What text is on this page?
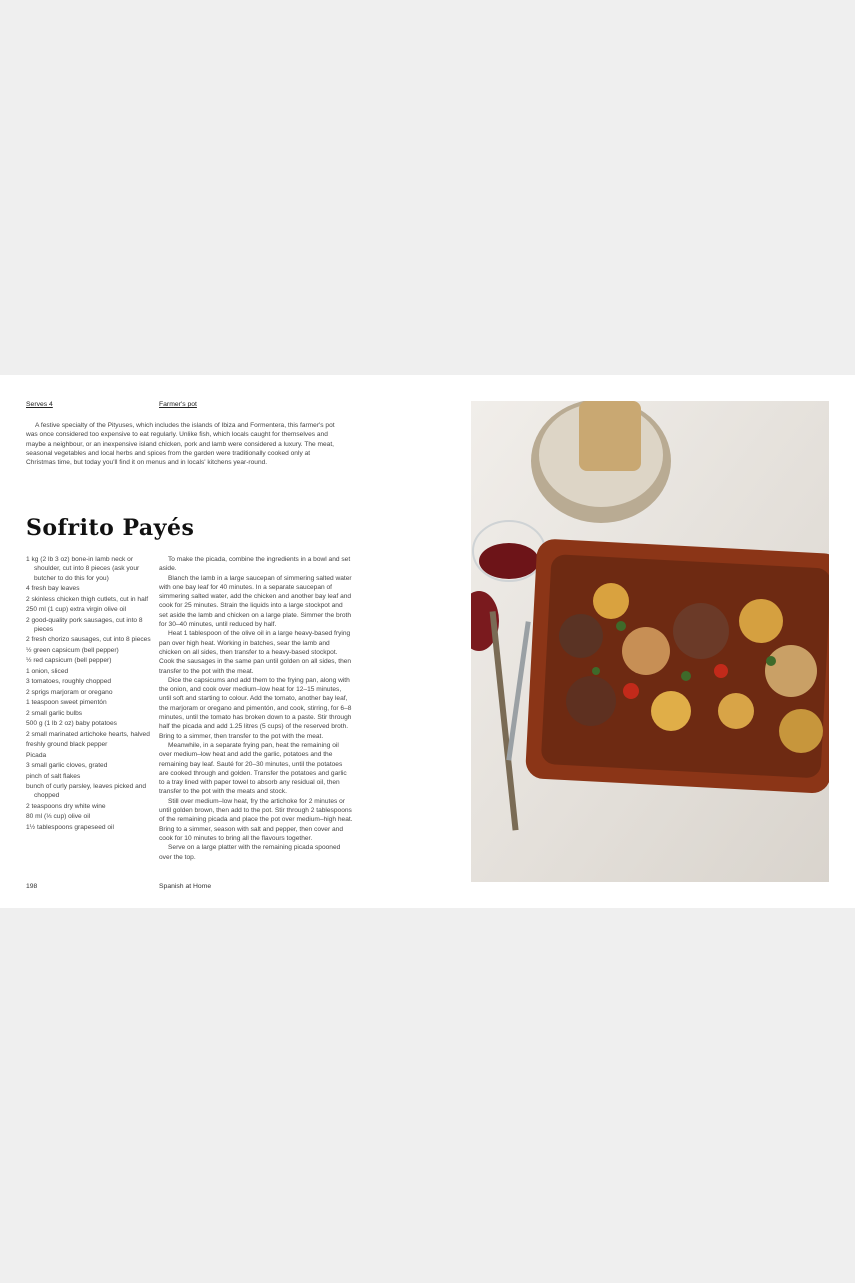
Serves 4	Farmer's pot

A festive specialty of the Pityuses, which includes the islands of Ibiza and Formentera, this farmer's pot was once considered too expensive to eat regularly. Unlike fish, which locals caught for themselves and maybe a neighbour, or an inexpensive island chicken, pork and lamb were considered a luxury. The meat, seasonal vegetables and local herbs and spices from the garden were traditionally cooked only at Christmas time, but today you'll find it on menus and in locals' kitchens year-round.

Sofrito Payés
1 kg (2 lb 3 oz) bone-in lamb neck or shoulder, cut into 8 pieces (ask your butcher to do this for you)
4 fresh bay leaves
2 skinless chicken thigh cutlets, cut in half
250 ml (1 cup) extra virgin olive oil
2 good-quality pork sausages, cut into 8 pieces
2 fresh chorizo sausages, cut into 8 pieces
½ green capsicum (bell pepper)
½ red capsicum (bell pepper)
1 onion, sliced
3 tomatoes, roughly chopped
2 sprigs marjoram or oregano
1 teaspoon sweet pimentón
2 small garlic bulbs
500 g (1 lb 2 oz) baby potatoes
2 small marinated artichoke hearts, halved
freshly ground black pepper
Picada
3 small garlic cloves, grated
pinch of salt flakes
bunch of curly parsley, leaves picked and chopped
2 teaspoons dry white wine
80 ml (⅓ cup) olive oil
1½ tablespoons grapeseed oil

To make the picada, combine the ingredients in a bowl and set aside.

Blanch the lamb in a large saucepan of simmering salted water with one bay leaf for 40 minutes. In a separate saucepan of simmering salted water, add the chicken and another bay leaf and cook for 25 minutes. Strain the liquids into a large stockpot and set aside the lamb and chicken on a large plate. Simmer the broth for 30–40 minutes, until reduced by half.

Heat 1 tablespoon of the olive oil in a large heavy-based frying pan over high heat. Working in batches, sear the lamb and chicken on all sides, then transfer to a heavy-based stockpot. Cook the sausages in the same pan until golden on all sides, then transfer to the pot with the meat.

Dice the capsicums and add them to the frying pan, along with the onion, and cook over medium–low heat for 12–15 minutes, until soft and starting to colour. Add the tomato, another bay leaf, the marjoram or oregano and pimentón, and cook, stirring, for 6–8 minutes, until the tomato has broken down to a paste. Stir through half the picada and add 1.25 litres (5 cups) of the reserved broth. Bring to a simmer, then transfer to the pot with the meat.

Meanwhile, in a separate frying pan, heat the remaining oil over medium–low heat and add the garlic, potatoes and the remaining bay leaf. Sauté for 20–30 minutes, until the potatoes are cooked through and golden. Transfer the potatoes and garlic to a tray lined with paper towel to absorb any residual oil, then transfer to the pot with the meats and stock.

Still over medium–low heat, fry the artichoke for 2 minutes or until golden brown, then add to the pot. Stir through 2 tablespoons of the remaining picada and place the pot over medium–high heat. Bring to a simmer, season with salt and pepper, then cover and cook for 10 minutes to bring all the flavours together.

Serve on a large platter with the remaining picada spooned over the top.

198	Spanish at Home
